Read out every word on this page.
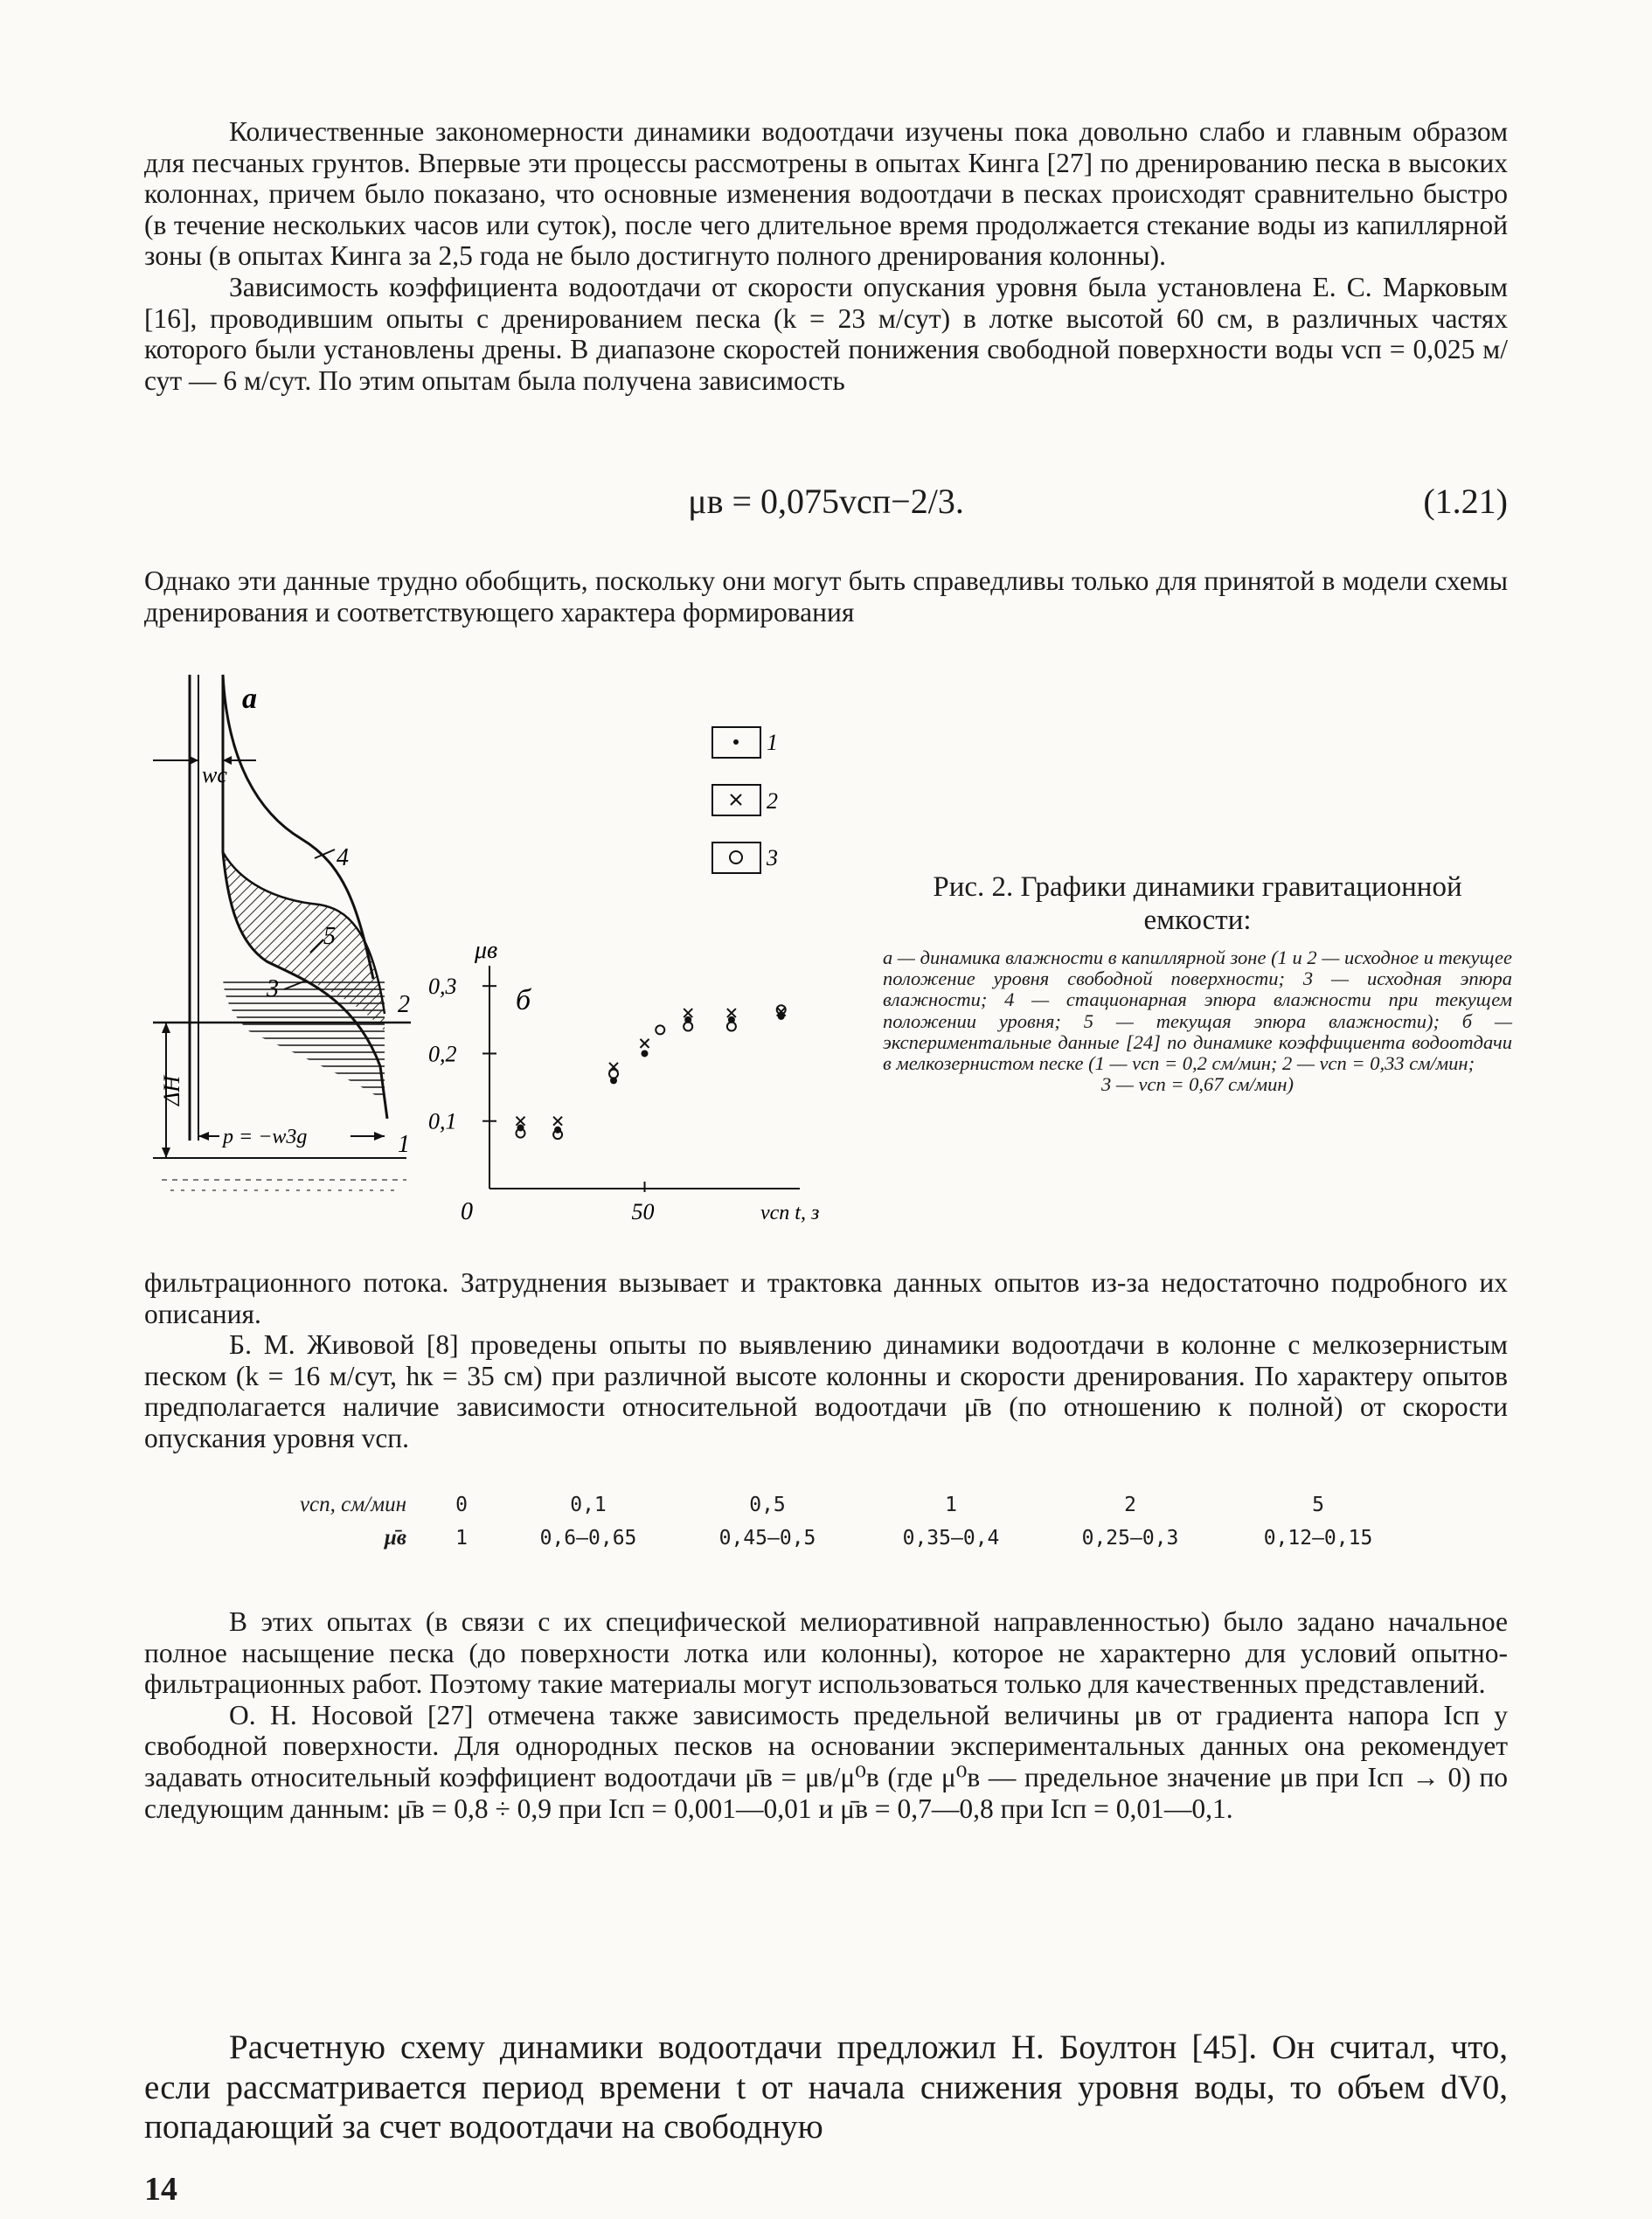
Количественные закономерности динамики водоотдачи изучены пока довольно слабо и главным образом для песчаных грунтов. Впервые эти процессы рассмотрены в опытах Кинга [27] по дренированию песка в высоких колоннах, причем было показано, что основные изменения водоотдачи в песках происходят сравнительно быстро (в течение нескольких часов или суток), после чего длительное время продолжается стекание воды из капиллярной зоны (в опытах Кинга за 2,5 года не было достигнуто полного дренирования колонны).

Зависимость коэффициента водоотдачи от скорости опускания уровня была установлена Е. С. Марковым [16], проводившим опыты с дренированием песка (k = 23 м/сут) в лотке высотой 60 см, в различных частях которого были установлены дрены. В диапазоне скоростей понижения свободной поверхности воды vсп = 0,025 м/сут — 6 м/сут. По этим опытам была получена зависимость

μв = 0,075vсп−2/3.	(1.21)

Однако эти данные трудно обобщить, поскольку они могут быть справедливы только для принятой в модели схемы дренирования и соответствующего характера формирования

а
wc
4
5
3
2
1
ΔH
p = −w3g
μв
б
0
0,3
0,2
0,1
50	vсп t, з
1
2
3

Рис. 2. Графики динамики гравитационной емкости:

а — динамика влажности в капиллярной зоне (1 и 2 — исходное и текущее положение уровня свободной поверхности; 3 — исходная эпюра влажности; 4 — стационарная эпюра влажности при текущем положении уровня; 5 — текущая эпюра влажности); б — экспериментальные данные [24] по динамике коэффициента водоотдачи в мелкозернистом песке (1 — vсп = 0,2 см/мин; 2 — vсп = 0,33 см/мин;

3 — vсп = 0,67 см/мин)

фильтрационного потока. Затруднения вызывает и трактовка данных опытов из-за недостаточно подробного их описания.

Б. М. Живовой [8] проведены опыты по выявлению динамики водоотдачи в колонне с мелкозернистым песком (k = 16 м/сут, hк = 35 см) при различной высоте колонны и скорости дренирования. По характеру опытов предполагается наличие зависимости относительной водоотдачи μ̄в (по отношению к полной) от скорости опускания уровня vсп.

vсп, см/мин	0	0,1	0,5	1	2	5
μ̄в	1	0,6—0,65	0,45—0,5	0,35—0,4	0,25—0,3	0,12—0,15

В этих опытах (в связи с их специфической мелиоративной направленностью) было задано начальное полное насыщение песка (до поверхности лотка или колонны), которое не характерно для условий опытно-фильтрационных работ. Поэтому такие материалы могут использоваться только для качественных представлений.

О. Н. Носовой [27] отмечена также зависимость предельной величины μв от градиента напора Iсп у свободной поверхности. Для однородных песков на основании экспериментальных данных она рекомендует задавать относительный коэффициент водоотдачи μ̄в = μв/μ⁰в (где μ⁰в — предельное значение μв при Iсп → 0) по следующим данным: μ̄в = 0,8 ÷ 0,9 при Iсп = 0,001—0,01 и μ̄в = 0,7—0,8 при Iсп = 0,01—0,1.

Расчетную схему динамики водоотдачи предложил Н. Боултон [45]. Он считал, что, если рассматривается период времени t от начала снижения уровня воды, то объем dV0, попадающий за счет водоотдачи на свободную

14
